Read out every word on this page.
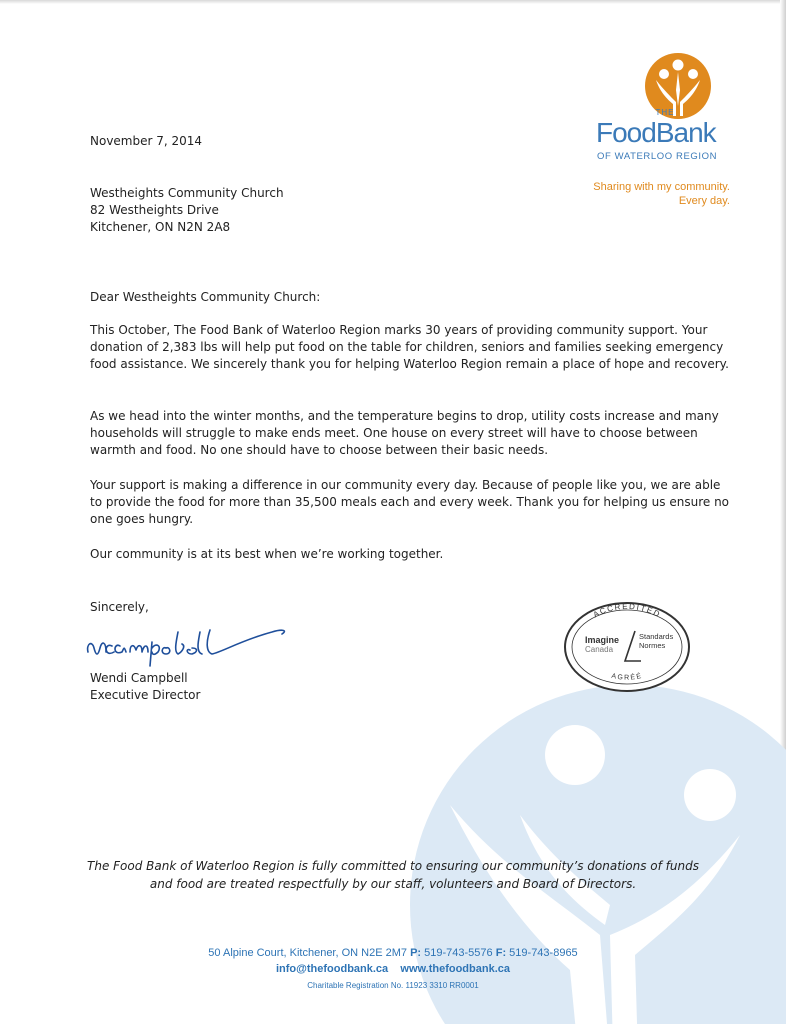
THE
FoodBank
OF WATERLOO REGION
Sharing with my community.
Every day.
November 7, 2014
Westheights Community Church
82 Westheights Drive
Kitchener, ON N2N 2A8
Dear Westheights Community Church:
This October, The Food Bank of Waterloo Region marks 30 years of providing community support. Your donation of 2,383 lbs will help put food on the table for children, seniors and families seeking emergency food assistance. We sincerely thank you for helping Waterloo Region remain a place of hope and recovery.
As we head into the winter months, and the temperature begins to drop, utility costs increase and many households will struggle to make ends meet. One house on every street will have to choose between warmth and food. No one should have to choose between their basic needs.
Your support is making a difference in our community every day. Because of people like you, we are able to provide the food for more than 35,500 meals each and every week. Thank you for helping us ensure no one goes hungry.
Our community is at its best when we’re working together.
Sincerely,
Wendi Campbell
Executive Director
ACCREDITED
AGRÉÉ
Imagine
Canada
Standards
Normes
The Food Bank of Waterloo Region is fully committed to ensuring our community’s donations of funds
and food are treated respectfully by our staff, volunteers and Board of Directors.
50 Alpine Court, Kitchener, ON N2E 2M7 P: 519-743-5576 F: 519-743-8965
info@thefoodbank.ca www.thefoodbank.ca
Charitable Registration No. 11923 3310 RR0001
